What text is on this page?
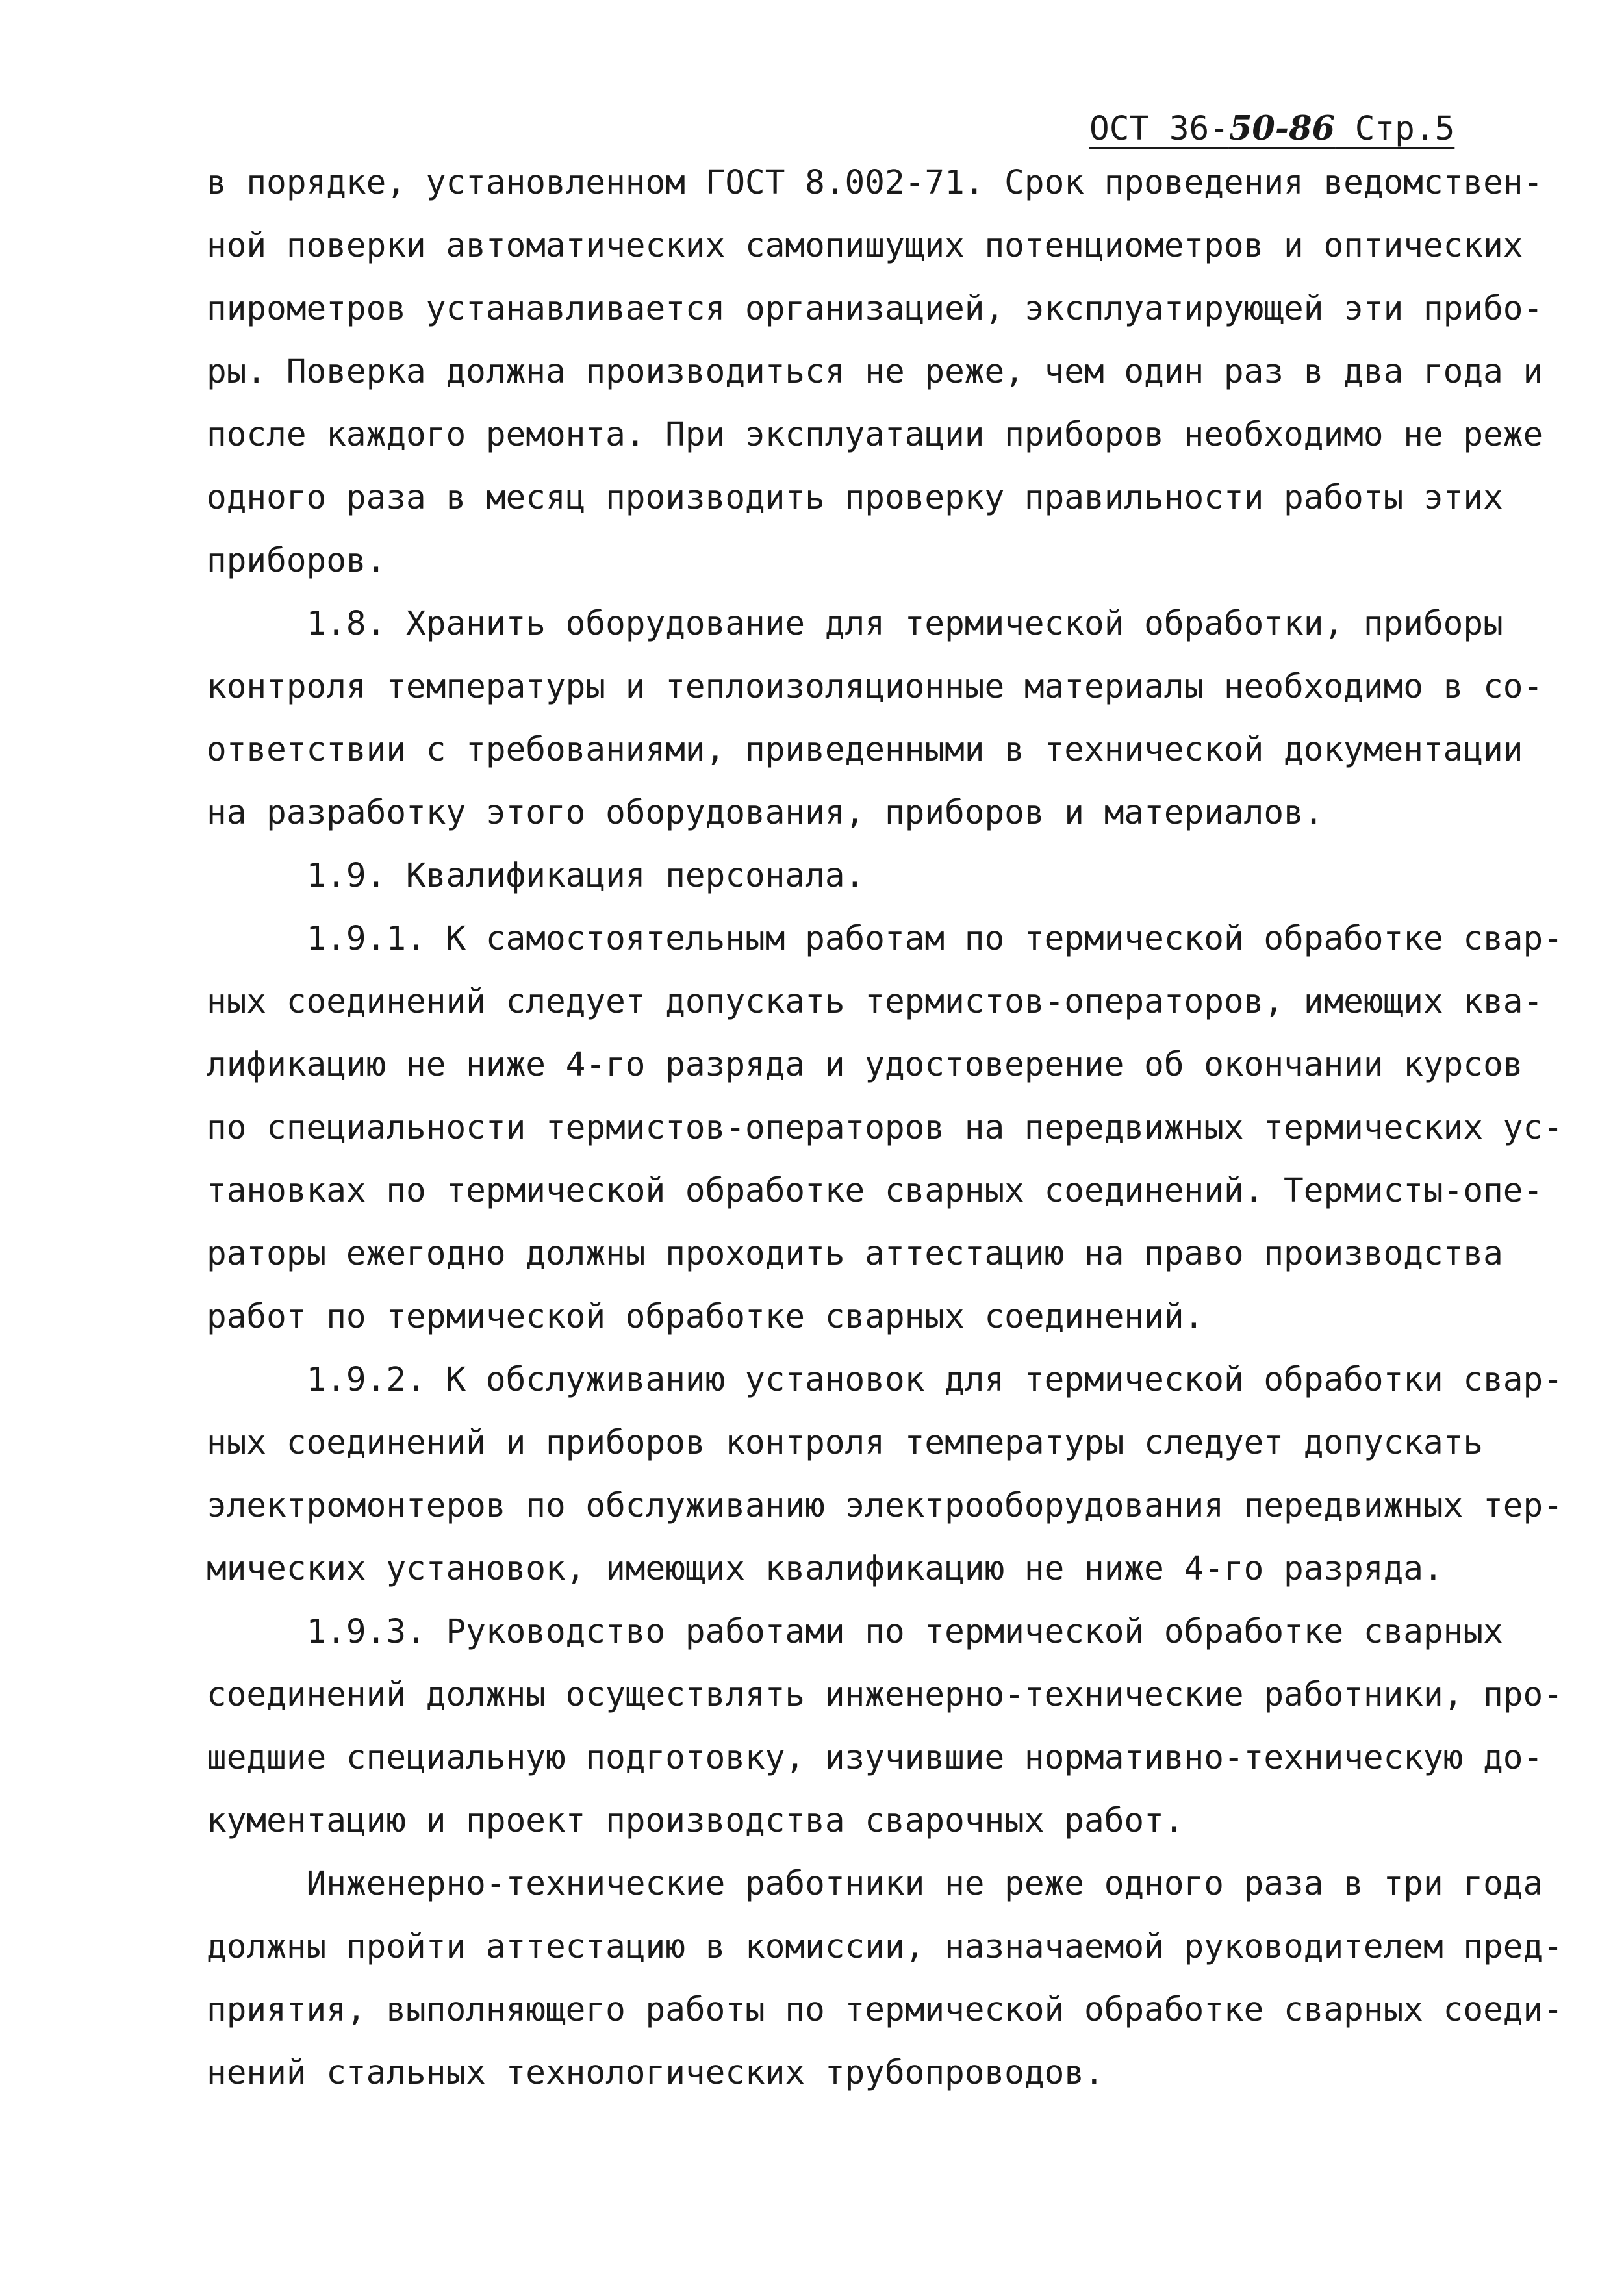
ОСТ 36-50-86 Стр.5
в порядке, установленном ГОСТ 8.002-71. Срок проведения ведомствен-
ной поверки автоматических самопишущих потенциометров и оптических
пирометров устанавливается организацией, эксплуатирующей эти прибо-
ры. Поверка должна производиться не реже, чем один раз в два года и
после каждого ремонта. При эксплуатации приборов необходимо не реже
одного раза в месяц производить проверку правильности работы этих
приборов.
1.8. Хранить оборудование для термической обработки, приборы
контроля температуры и теплоизоляционные материалы необходимо в со-
ответствии с требованиями, приведенными в технической документации
на разработку этого оборудования, приборов и материалов.
1.9. Квалификация персонала.
1.9.1. К самостоятельным работам по термической обработке свар-
ных соединений следует допускать термистов-операторов, имеющих ква-
лификацию не ниже 4-го разряда и удостоверение об окончании курсов
по специальности термистов-операторов на передвижных термических ус-
тановках по термической обработке сварных соединений. Термисты-опе-
раторы ежегодно должны проходить аттестацию на право производства
работ по термической обработке сварных соединений.
1.9.2. К обслуживанию установок для термической обработки свар-
ных соединений и приборов контроля температуры следует допускать
электромонтеров по обслуживанию электрооборудования передвижных тер-
мических установок, имеющих квалификацию не ниже 4-го разряда.
1.9.3. Руководство работами по термической обработке сварных
соединений должны осуществлять инженерно-технические работники, про-
шедшие специальную подготовку, изучившие нормативно-техническую до-
кументацию и проект производства сварочных работ.
Инженерно-технические работники не реже одного раза в три года
должны пройти аттестацию в комиссии, назначаемой руководителем пред-
приятия, выполняющего работы по термической обработке сварных соеди-
нений стальных технологических трубопроводов.
